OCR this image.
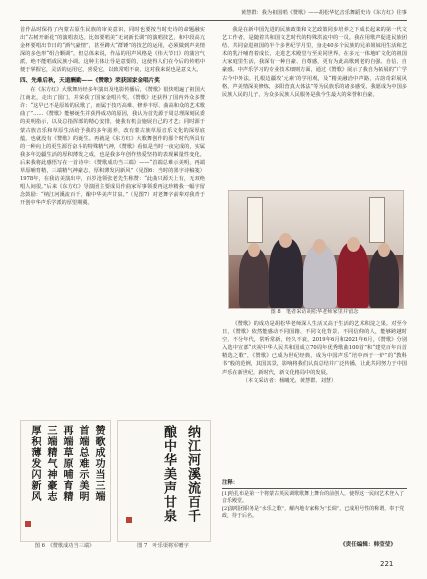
黄慧群：我为祖国唱《赞歌》——胡松华忆音乐舞蹈史诗《东方红》往事

首作品时保持了内蒙古原生民族的审美意识，同时也要按当时史诗的命题融实出“古树开新花”的演唱表达。比如要唱美“无词新长调”的演唱技艺，和中段高亢金杯要唱出节日的“洒气豪情”，甚至蹲大“群锤”的技艺的运用，必须做到声美情深的多色形“组合颗调”。但总体来说，作品的用声风格是《伟大节日》的蒲宫气派，绝不能唱成民族小调。这种主体让导是意要的，这使得人们在今后的传唱中便于掌握它，灵活的运用它，喜爱它，以致常唱不衰，这对我来说也是意义大。

四、先难后秋，天道酬勤——《赞歌》荣获国家金唱片奖

在《东方红》大歌舞历经多年演出及电影传播后，《赞歌》很快唱遍了祖国大江南北，走出了国门，并荣获了国家金唱片奖。《赞歌》还获得了国内外众多赞许：“这早已不是原始的民歌了，而属于技巧高难、修养丰厚、曲高和众的艺术歌曲了”……《赞歌》能够诞生并获得成功的原因，我认为首先源于周总理深刻民委的美明指示，以及总指挥部的精心安排，使我有机会施展自己的才艺；同时源于蒙古族音乐和草原生活给予我的多年滋养，改有蒙古族草原音乐文化的深厚底蕴，也就没有《赞歌》的诞生。再就是《东方红》大歌舞创作的那个时代所具有的一种向上的更生源吾奋斗的特殊精气神，《赞歌》看似是当时一夜完成的，实属我多年边疆生活的厚积薄发之成，也是我多年创作热爱坚持的表现累量性变化。后来我将此感悟写在一首诗中：《赞歌成功当三端》——“首端总难示美明，再端草原哺育精，三端精气神豪志，厚积薄发闪新风”（见图6：当时的墨字诗稿笺）1978年，在我访美演出中，百岁沧领张老先生称赞：“此曲只源天上有，无双绝唱人间很。”后来《东方红》导演团主要成员作曲家军事领委再这珍精我一幅字留念鼓励：“纳江河溪流百千，酿中华美声甘泉。”（见图7）对老舞字前辈对我青于开创中华声乐学派的厚望期冀。

我是在新中国先进的民族政策和文艺政策同步培养之下成长起来的第一代文艺工作者，是随着共和国文艺时代的特殊洪流中的一员。我在用歌声促进民族团结、共同奋进祖国的半个多世纪学月里，身走40多个民族的兄弟姐妹用生活和艺术的乳汁哺育着成长，走进艺术殿堂与至美同世界。在多元一体地旷文化的祖国大家庭里生活，我深有一种自豪、自尊感，更有为此高歌到老的自强、自信、自豪感。中声乐学习的专业技术细则方面，通过《赞歌》展示了我自为拓展的“广学古今中外法，扎根边疆攻‘元素’的学用观，及“精美融洽中声路，古韵奇彩展风格，声美情深美修炼，多阳营真大体法”等为民族乐的诸多感受。我愿成为中国多民族人民的儿子，为众多民族人民服务是我今生最大的荣誉和自豪。

图 8　笔者采访胡松华老师家里并留念

《赞歌》的成功是胡松华老师深人生活又高于生活的艺术积淀之果。对至今日，《赞歌》依然能感动不同国籍、不同文化背景、不同信仰的人，能够跨越时空、不分年代，常听常新，经久不衰。2019年6月和2021年6月，《赞歌》分别入选中宣部“庆祝中华人民共和国成立70周年优秀歌曲100首”和“建党百年百首精选之歌”，《赞歌》已成为世纪经典，成为中国声乐“培中西于一炉”的“教科书”般的范例，其国其景，影响将我们认真总结并广泛传播，让此共同努力于中国声乐在新世纪，新时代，新文化格局中的发展。

（本文采访者：杨曦光、黄慧群、刘慧）

赞歌成功当三端
首端总难示美明
再端草原哺育精
三端精气神豪志
厚积薄发闪新风
图 6　《赞歌成功当三端》
纳江河溪流百千
酿中华美声甘泉
图 7　叶乐渠将军赠字
注释：

[1]哈扎布是第一个将蒙古英民调歌歌舞上舞台的前创人，使得这一民间艺术登入了音乐殿堂。

[2]演唱团职务是“水乐之歌”，解内地专家称为“长调”，已成用号性的称谓，奉于党政，待于后名。

《责任编辑：韩莹莹》
221
